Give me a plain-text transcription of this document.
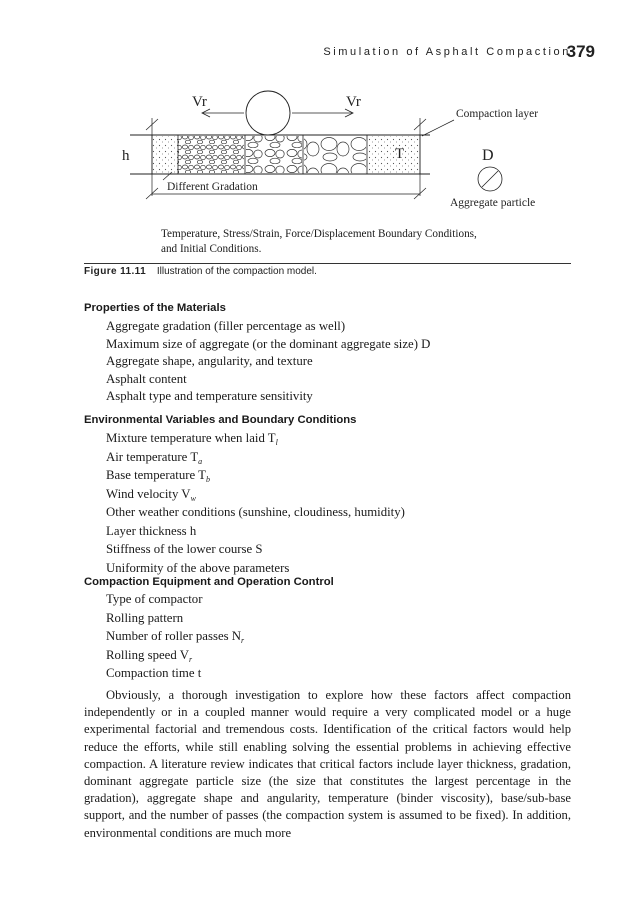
Simulation of Asphalt Compaction
379
Vr	Vr
h	T
Different Gradation
Compaction layer
D
Aggregate particle
Temperature, Stress/Strain, Force/Displacement Boundary Conditions, and Initial Conditions.
Figure 11.11 Illustration of the compaction model.
Properties of the Materials
Aggregate gradation (filler percentage as well)
Maximum size of aggregate (or the dominant aggregate size) D
Aggregate shape, angularity, and texture
Asphalt content
Asphalt type and temperature sensitivity
Environmental Variables and Boundary Conditions
Mixture temperature when laid $T_l$
Air temperature $T_a$
Base temperature $T_b$
Wind velocity $V_w$
Other weather conditions (sunshine, cloudiness, humidity)
Layer thickness h
Stiffness of the lower course S
Uniformity of the above parameters
Compaction Equipment and Operation Control
Type of compactor
Rolling pattern
Number of roller passes $N_r$
Rolling speed $V_r$
Compaction time t

Obviously, a thorough investigation to explore how these factors affect compaction independently or in a coupled manner would require a very complicated model or a huge experimental factorial and tremendous costs. Identification of the critical factors would help reduce the efforts, while still enabling solving the essential problems in achieving effective compaction. A literature review indicates that critical factors include layer thickness, gradation, dominant aggregate particle size (the size that constitutes the largest percentage in the gradation), aggregate shape and angularity, temperature (binder viscosity), base/sub-base support, and the number of passes (the compaction system is assumed to be fixed). In addition, environmental conditions are much more
